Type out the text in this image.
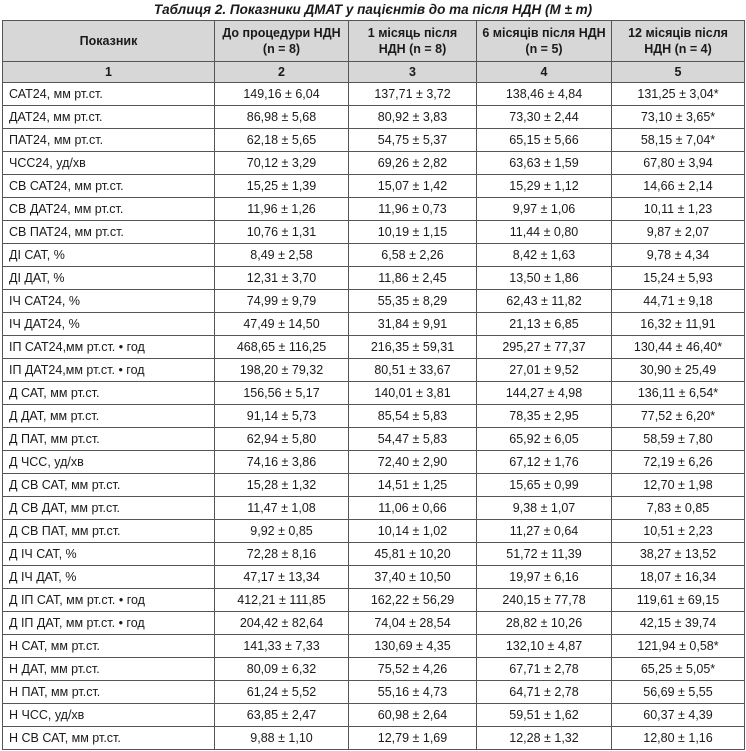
Таблиця 2. Показники ДМАТ у пацієнтів до та після НДН (M ± m)
Показник	До процедури НДН (n = 8)	1 місяць після НДН (n = 8)	6 місяців після НДН (n = 5)	12 місяців після НДН (n = 4)
1	2	3	4	5
САТ24, мм рт.ст.	149,16 ± 6,04	137,71 ± 3,72	138,46 ± 4,84	131,25 ± 3,04*
ДАТ24, мм рт.ст.	86,98 ± 5,68	80,92 ± 3,83	73,30 ± 2,44	73,10 ± 3,65*
ПАТ24, мм рт.ст.	62,18 ± 5,65	54,75 ± 5,37	65,15 ± 5,66	58,15 ± 7,04*
ЧСС24, уд/хв	70,12 ± 3,29	69,26 ± 2,82	63,63 ± 1,59	67,80 ± 3,94
СВ САТ24, мм рт.ст.	15,25 ± 1,39	15,07 ± 1,42	15,29 ± 1,12	14,66 ± 2,14
СВ ДАТ24, мм рт.ст.	11,96 ± 1,26	11,96 ± 0,73	9,97 ± 1,06	10,11 ± 1,23
СВ ПАТ24, мм рт.ст.	10,76 ± 1,31	10,19 ± 1,15	11,44 ± 0,80	9,87 ± 2,07
ДІ САТ, %	8,49 ± 2,58	6,58 ± 2,26	8,42 ± 1,63	9,78 ± 4,34
ДІ ДАТ, %	12,31 ± 3,70	11,86 ± 2,45	13,50 ± 1,86	15,24 ± 5,93
ІЧ САТ24, %	74,99 ± 9,79	55,35 ± 8,29	62,43 ± 11,82	44,71 ± 9,18
ІЧ ДАТ24, %	47,49 ± 14,50	31,84 ± 9,91	21,13 ± 6,85	16,32 ± 11,91
ІП САТ24,мм рт.ст. • год	468,65 ± 116,25	216,35 ± 59,31	295,27 ± 77,37	130,44 ± 46,40*
ІП ДАТ24,мм рт.ст. • год	198,20 ± 79,32	80,51 ± 33,67	27,01 ± 9,52	30,90 ± 25,49
Д САТ, мм рт.ст.	156,56 ± 5,17	140,01 ± 3,81	144,27 ± 4,98	136,11 ± 6,54*
Д ДАТ, мм рт.ст.	91,14 ± 5,73	85,54 ± 5,83	78,35 ± 2,95	77,52 ± 6,20*
Д ПАТ, мм рт.ст.	62,94 ± 5,80	54,47 ± 5,83	65,92 ± 6,05	58,59 ± 7,80
Д ЧСС, уд/хв	74,16 ± 3,86	72,40 ± 2,90	67,12 ± 1,76	72,19 ± 6,26
Д СВ САТ, мм рт.ст.	15,28 ± 1,32	14,51 ± 1,25	15,65 ± 0,99	12,70 ± 1,98
Д СВ ДАТ, мм рт.ст.	11,47 ± 1,08	11,06 ± 0,66	9,38 ± 1,07	7,83 ± 0,85
Д СВ ПАТ, мм рт.ст.	9,92 ± 0,85	10,14 ± 1,02	11,27 ± 0,64	10,51 ± 2,23
Д ІЧ САТ, %	72,28 ± 8,16	45,81 ± 10,20	51,72 ± 11,39	38,27 ± 13,52
Д ІЧ ДАТ, %	47,17 ± 13,34	37,40 ± 10,50	19,97 ± 6,16	18,07 ± 16,34
Д ІП САТ, мм рт.ст. • год	412,21 ± 111,85	162,22 ± 56,29	240,15 ± 77,78	119,61 ± 69,15
Д ІП ДАТ, мм рт.ст. • год	204,42 ± 82,64	74,04 ± 28,54	28,82 ± 10,26	42,15 ± 39,74
Н САТ, мм рт.ст.	141,33 ± 7,33	130,69 ± 4,35	132,10 ± 4,87	121,94 ± 0,58*
Н ДАТ, мм рт.ст.	80,09 ± 6,32	75,52 ± 4,26	67,71 ± 2,78	65,25 ± 5,05*
Н ПАТ, мм рт.ст.	61,24 ± 5,52	55,16 ± 4,73	64,71 ± 2,78	56,69 ± 5,55
Н ЧСС, уд/хв	63,85 ± 2,47	60,98 ± 2,64	59,51 ± 1,62	60,37 ± 4,39
Н СВ САТ, мм рт.ст.	9,88 ± 1,10	12,79 ± 1,69	12,28 ± 1,32	12,80 ± 1,16
